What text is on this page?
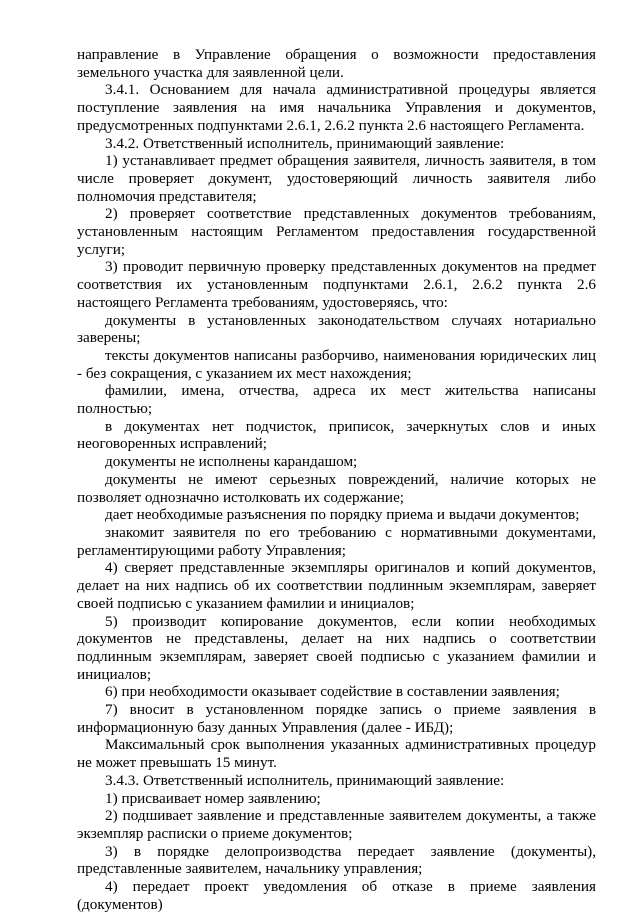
направление в Управление обращения о возможности предоставления земельного участка для заявленной цели.

3.4.1. Основанием для начала административной процедуры является поступление заявления на имя начальника Управления и документов, предусмотренных подпунктами 2.6.1, 2.6.2 пункта 2.6 настоящего Регламента.

3.4.2. Ответственный исполнитель, принимающий заявление:

1) устанавливает предмет обращения заявителя, личность заявителя, в том числе проверяет документ, удостоверяющий личность заявителя либо полномочия представителя;

2) проверяет соответствие представленных документов требованиям, установленным настоящим Регламентом предоставления государственной услуги;

3) проводит первичную проверку представленных документов на предмет соответствия их установленным подпунктами 2.6.1, 2.6.2 пункта 2.6 настоящего Регламента требованиям, удостоверяясь, что:

документы в установленных законодательством случаях нотариально заверены;

тексты документов написаны разборчиво, наименования юридических лиц - без сокращения, с указанием их мест нахождения;

фамилии, имена, отчества, адреса их мест жительства написаны полностью;

в документах нет подчисток, приписок, зачеркнутых слов и иных неоговоренных исправлений;

документы не исполнены карандашом;

документы не имеют серьезных повреждений, наличие которых не позволяет однозначно истолковать их содержание;

дает необходимые разъяснения по порядку приема и выдачи документов;

знакомит заявителя по его требованию с нормативными документами, регламентирующими работу Управления;

4) сверяет представленные экземпляры оригиналов и копий документов, делает на них надпись об их соответствии подлинным экземплярам, заверяет своей подписью с указанием фамилии и инициалов;

5) производит копирование документов, если копии необходимых документов не представлены, делает на них надпись о соответствии подлинным экземплярам, заверяет своей подписью с указанием фамилии и инициалов;

6) при необходимости оказывает содействие в составлении заявления;

7) вносит в установленном порядке запись о приеме заявления в информационную базу данных Управления (далее - ИБД);

Максимальный срок выполнения указанных административных процедур не может превышать 15 минут.

3.4.3. Ответственный исполнитель, принимающий заявление:

1) присваивает номер заявлению;

2) подшивает заявление и представленные заявителем документы, а также экземпляр расписки о приеме документов;

3) в порядке делопроизводства передает заявление (документы), представленные заявителем, начальнику управления;

4) передает проект уведомления об отказе в приеме заявления (документов)
